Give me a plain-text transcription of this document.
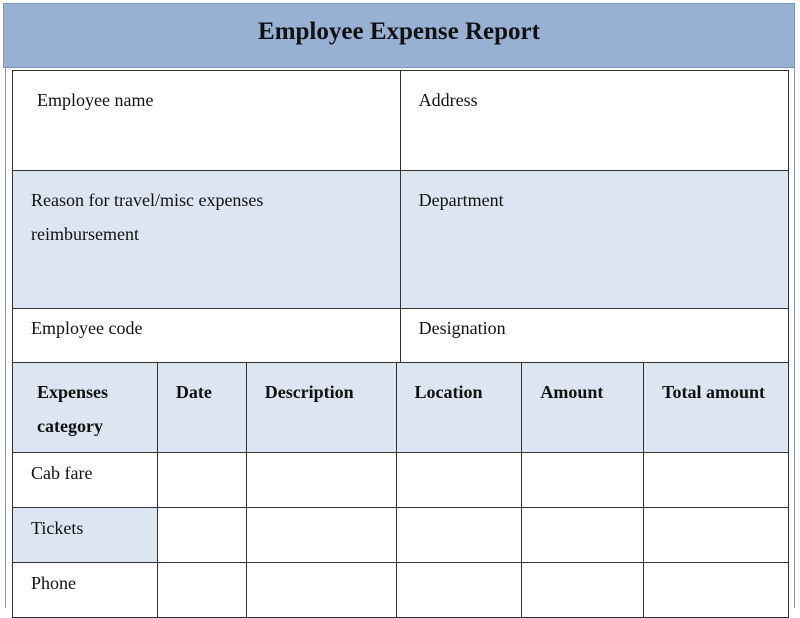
Employee Expense Report
Employee name	Address

Reason for travel/misc expenses reimbursement	Department

Employee code	Designation
Expenses category	Date	Description	Location	Amount	Total amount

Cab fare					

Tickets					

Phone					
